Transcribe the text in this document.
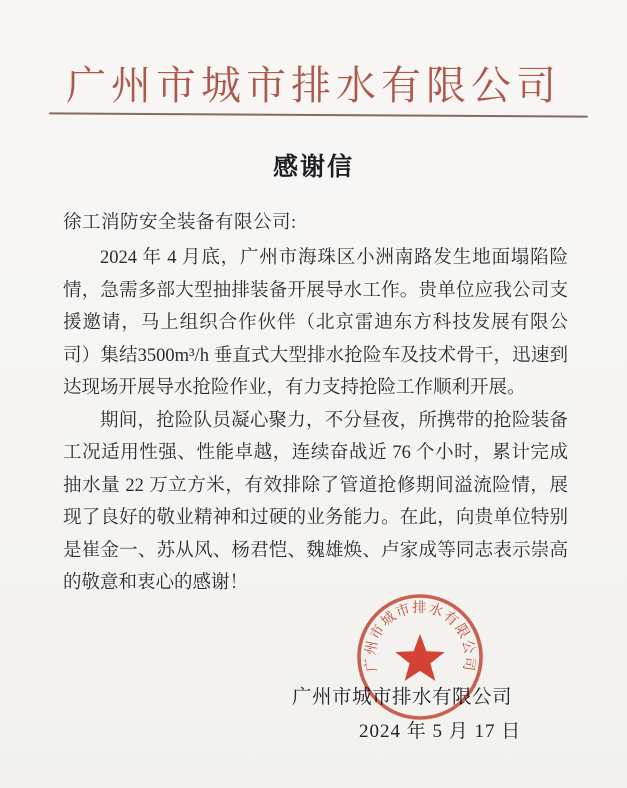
广州市城市排水有限公司
感谢信
徐工消防安全装备有限公司:

2024 年 4 月底，广州市海珠区小洲南路发生地面塌陷险情，急需多部大型抽排装备开展导水工作。贵单位应我公司支援邀请，马上组织合作伙伴（北京雷迪东方科技发展有限公司）集结3500m³/h 垂直式大型排水抢险车及技术骨干，迅速到达现场开展导水抢险作业，有力支持抢险工作顺利开展。

期间，抢险队员凝心聚力，不分昼夜，所携带的抢险装备工况适用性强、性能卓越，连续奋战近 76 个小时，累计完成抽水量 22 万立方米，有效排除了管道抢修期间溢流险情，展现了良好的敬业精神和过硬的业务能力。在此，向贵单位特别是崔金一、苏从风、杨君恺、魏雄焕、卢家成等同志表示崇高的敬意和衷心的感谢！

广州市城市排水有限公司
2024 年 5 月 17 日
广州市城市排水有限公司
